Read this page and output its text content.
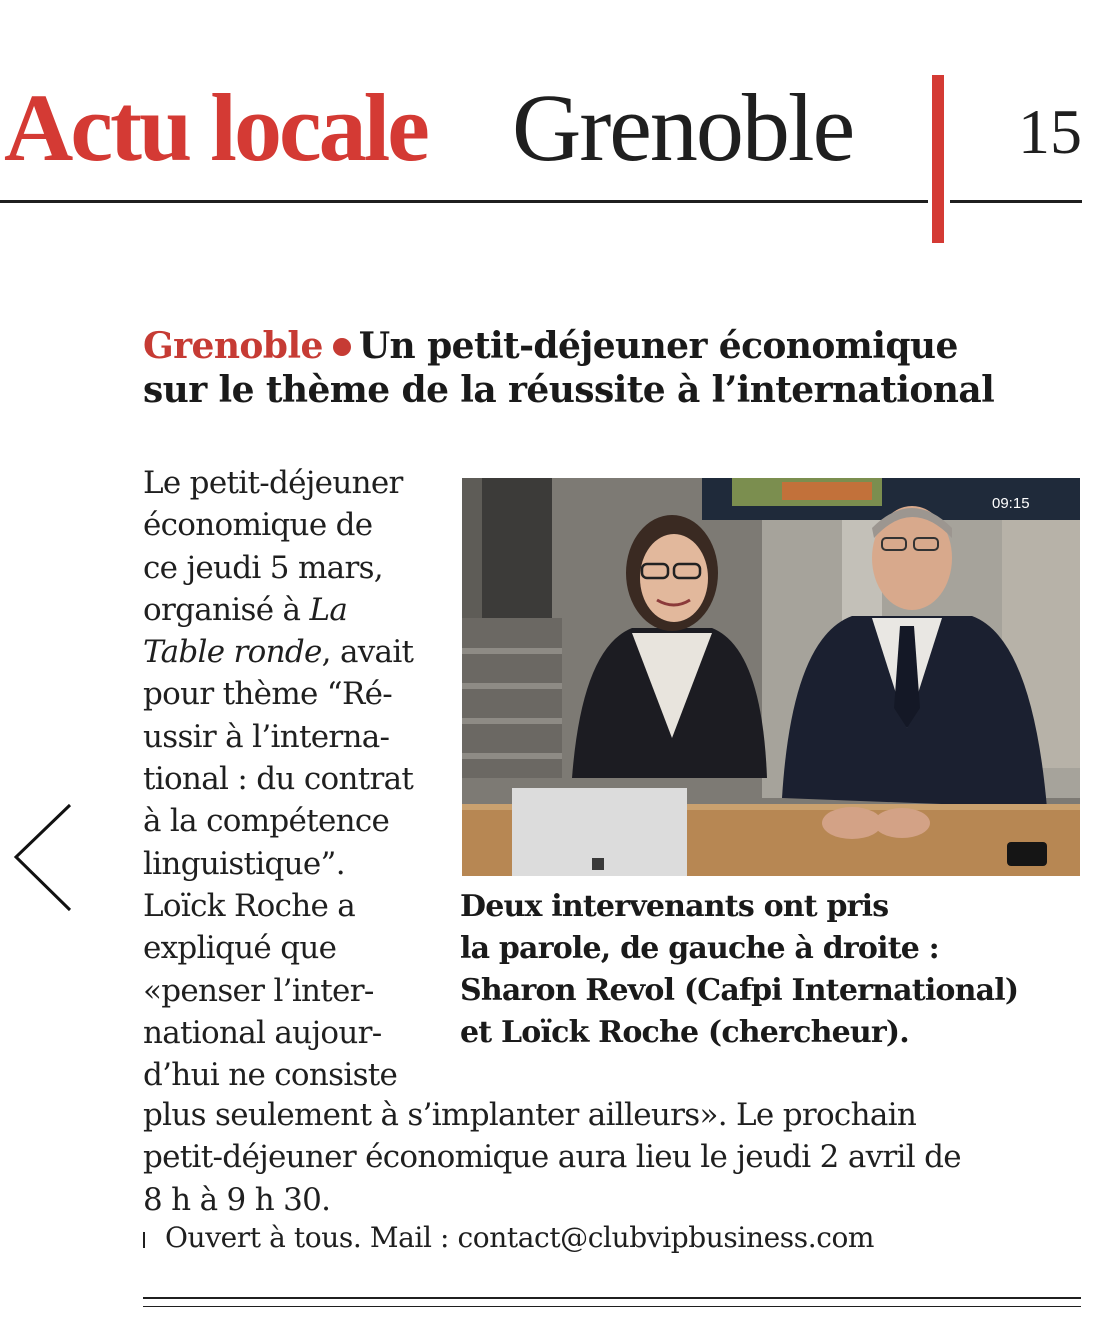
Actu locale Grenoble	15
Grenoble Un petit-déjeuner économique
sur le thème de la réussite à l’international
Le petit-déjeuner
économique de
ce jeudi 5 mars,
organisé à La
Table ronde, avait
pour thème “Ré-
ussir à l’interna-
tional : du contrat
à la compétence
linguistique”.
Loïck Roche a
expliqué que
«penser l’inter-
national aujour-
d’hui ne consiste
09:15
Deux intervenants ont pris
la parole, de gauche à droite :
Sharon Revol (Cafpi International)
et Loïck Roche (chercheur).
plus seulement à s’implanter ailleurs». Le prochain
petit-déjeuner économique aura lieu le jeudi 2 avril de
8 h à 9 h 30.
Ouvert à tous. Mail : contact@clubvipbusiness.com
